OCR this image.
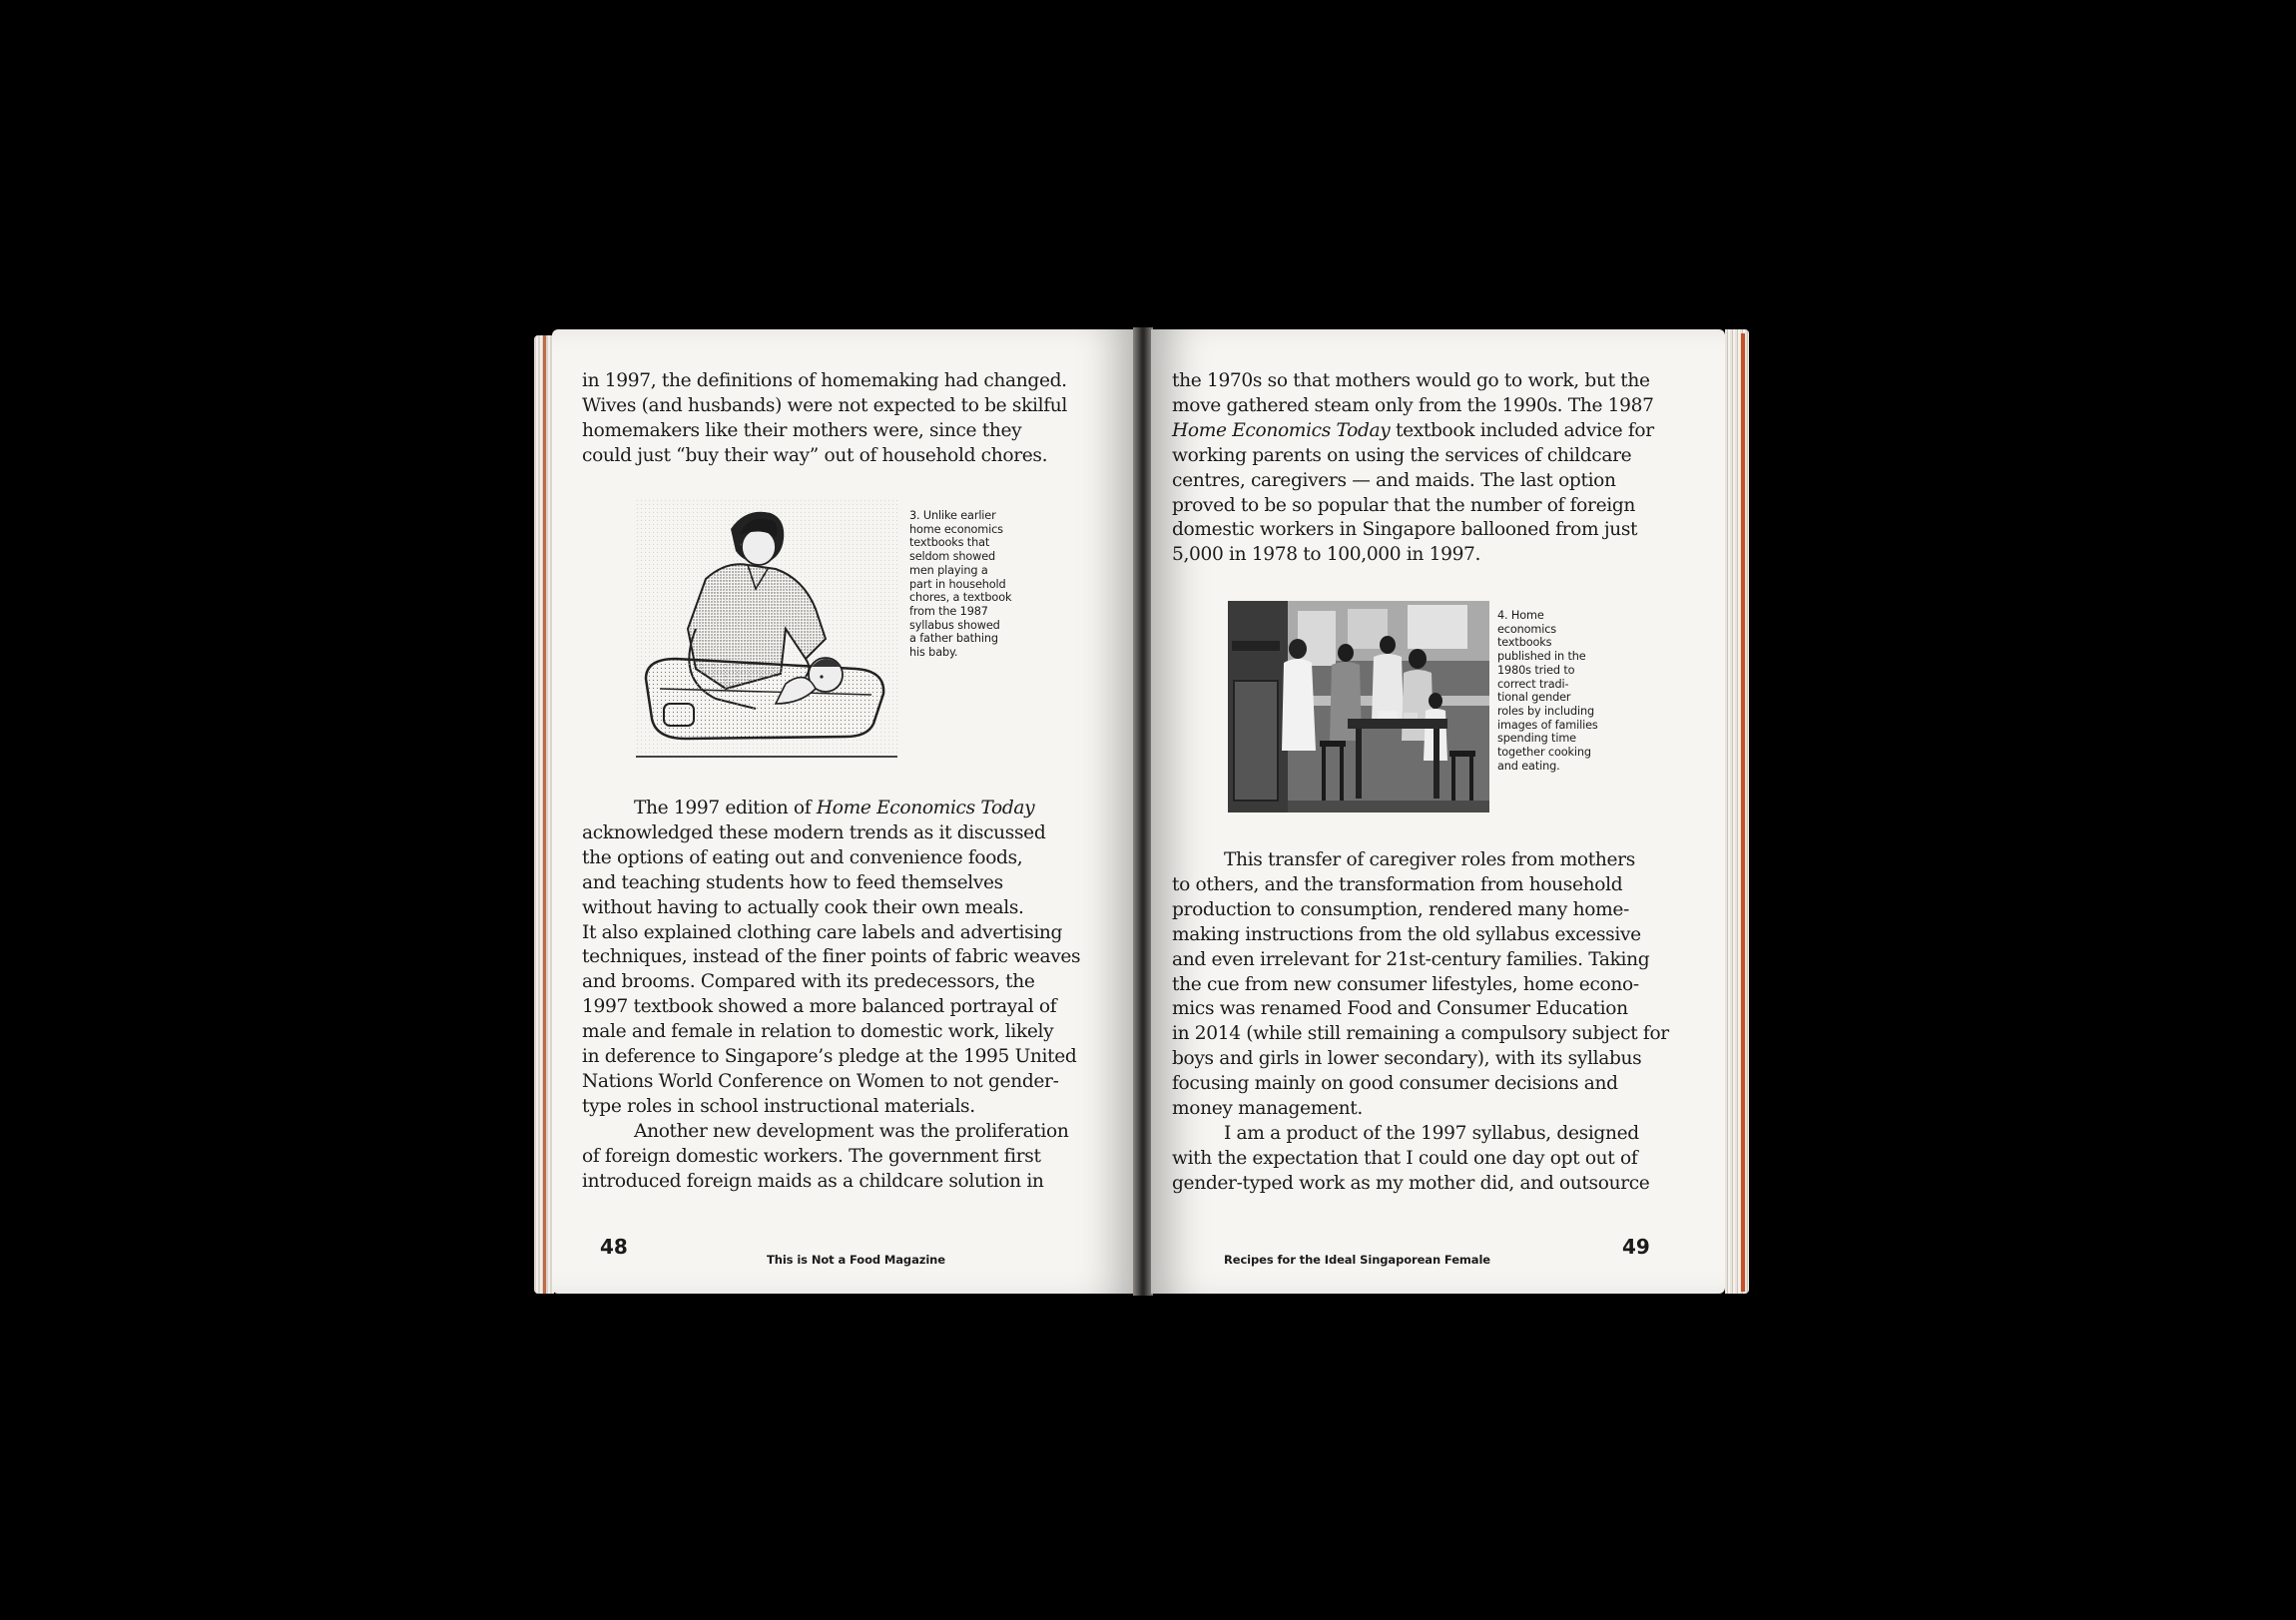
in 1997, the definitions of homemaking had changed.

Wives (and husbands) were not expected to be skilful

homemakers like their mothers were, since they

could just “buy their way” out of household chores.

3. Unlike earlier
home economics
textbooks that
seldom showed
men playing a
part in household
chores, a textbook
from the 1987
syllabus showed
a father bathing
his baby.

The 1997 edition of Home Economics Today

acknowledged these modern trends as it discussed

the options of eating out and convenience foods,

and teaching students how to feed themselves

without having to actually cook their own meals.

It also explained clothing care labels and advertising

techniques, instead of the finer points of fabric weaves

and brooms. Compared with its predecessors, the

1997 textbook showed a more balanced portrayal of

male and female in relation to domestic work, likely

in deference to Singapore’s pledge at the 1995 United

Nations World Conference on Women to not gender-

type roles in school instructional materials.

Another new development was the proliferation

of foreign domestic workers. The government first

introduced foreign maids as a childcare solution in

48
This is Not a Food Magazine

the 1970s so that mothers would go to work, but the

move gathered steam only from the 1990s. The 1987

Home Economics Today textbook included advice for

working parents on using the services of childcare

centres, caregivers — and maids. The last option

proved to be so popular that the number of foreign

domestic workers in Singapore ballooned from just

5,000 in 1978 to 100,000 in 1997.

4. Home
economics
textbooks
published in the
1980s tried to
correct tradi-
tional gender
roles by including
images of families
spending time
together cooking
and eating.

This transfer of caregiver roles from mothers

to others, and the transformation from household

production to consumption, rendered many home-

making instructions from the old syllabus excessive

and even irrelevant for 21st-century families. Taking

the cue from new consumer lifestyles, home econo-

mics was renamed Food and Consumer Education

in 2014 (while still remaining a compulsory subject for

boys and girls in lower secondary), with its syllabus

focusing mainly on good consumer decisions and

money management.

I am a product of the 1997 syllabus, designed

with the expectation that I could one day opt out of

gender-typed work as my mother did, and outsource

Recipes for the Ideal Singaporean Female
49
